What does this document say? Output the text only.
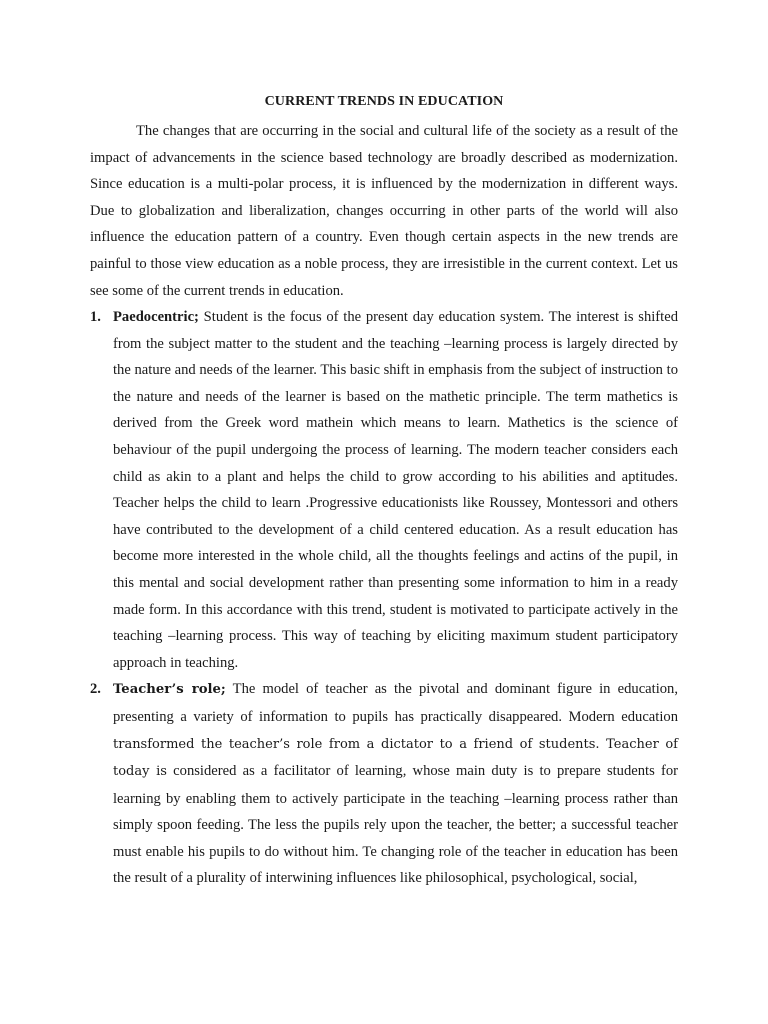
CURRENT TRENDS IN EDUCATION

The changes that are occurring in the social and cultural life of the society as a result of the impact of advancements in the science based technology are broadly described as modernization. Since education is a multi-polar process, it is influenced by the modernization in different ways. Due to globalization and liberalization, changes occurring in other parts of the world will also influence the education pattern of a country. Even though certain aspects in the new trends are painful to those view education as a noble process, they are irresistible in the current context. Let us see some of the current trends in education.

1. Paedocentric; Student is the focus of the present day education system. The interest is shifted from the subject matter to the student and the teaching –learning process is largely directed by the nature and needs of the learner. This basic shift in emphasis from the subject of instruction to the nature and needs of the learner is based on the mathetic principle. The term mathetics is derived from the Greek word mathein which means to learn. Mathetics is the science of behaviour of the pupil undergoing the process of learning. The modern teacher considers each child as akin to a plant and helps the child to grow according to his abilities and aptitudes. Teacher helps the child to learn .Progressive educationists like Roussey, Montessori and others have contributed to the development of a child centered education. As a result education has become more interested in the whole child, all the thoughts feelings and actins of the pupil, in this mental and social development rather than presenting some information to him in a ready made form. In this accordance with this trend, student is motivated to participate actively in the teaching –learning process. This way of teaching by eliciting maximum student participatory approach in teaching.

2. Teacher’s role; The model of teacher as the pivotal and dominant figure in education, presenting a variety of information to pupils has practically disappeared. Modern education transformed the teacher’s role from a dictator to a friend of students. Teacher of today is considered as a facilitator of learning, whose main duty is to prepare students for learning by enabling them to actively participate in the teaching –learning process rather than simply spoon feeding. The less the pupils rely upon the teacher, the better; a successful teacher must enable his pupils to do without him. Te changing role of the teacher in education has been the result of a plurality of interwining influences like philosophical, psychological, social,
